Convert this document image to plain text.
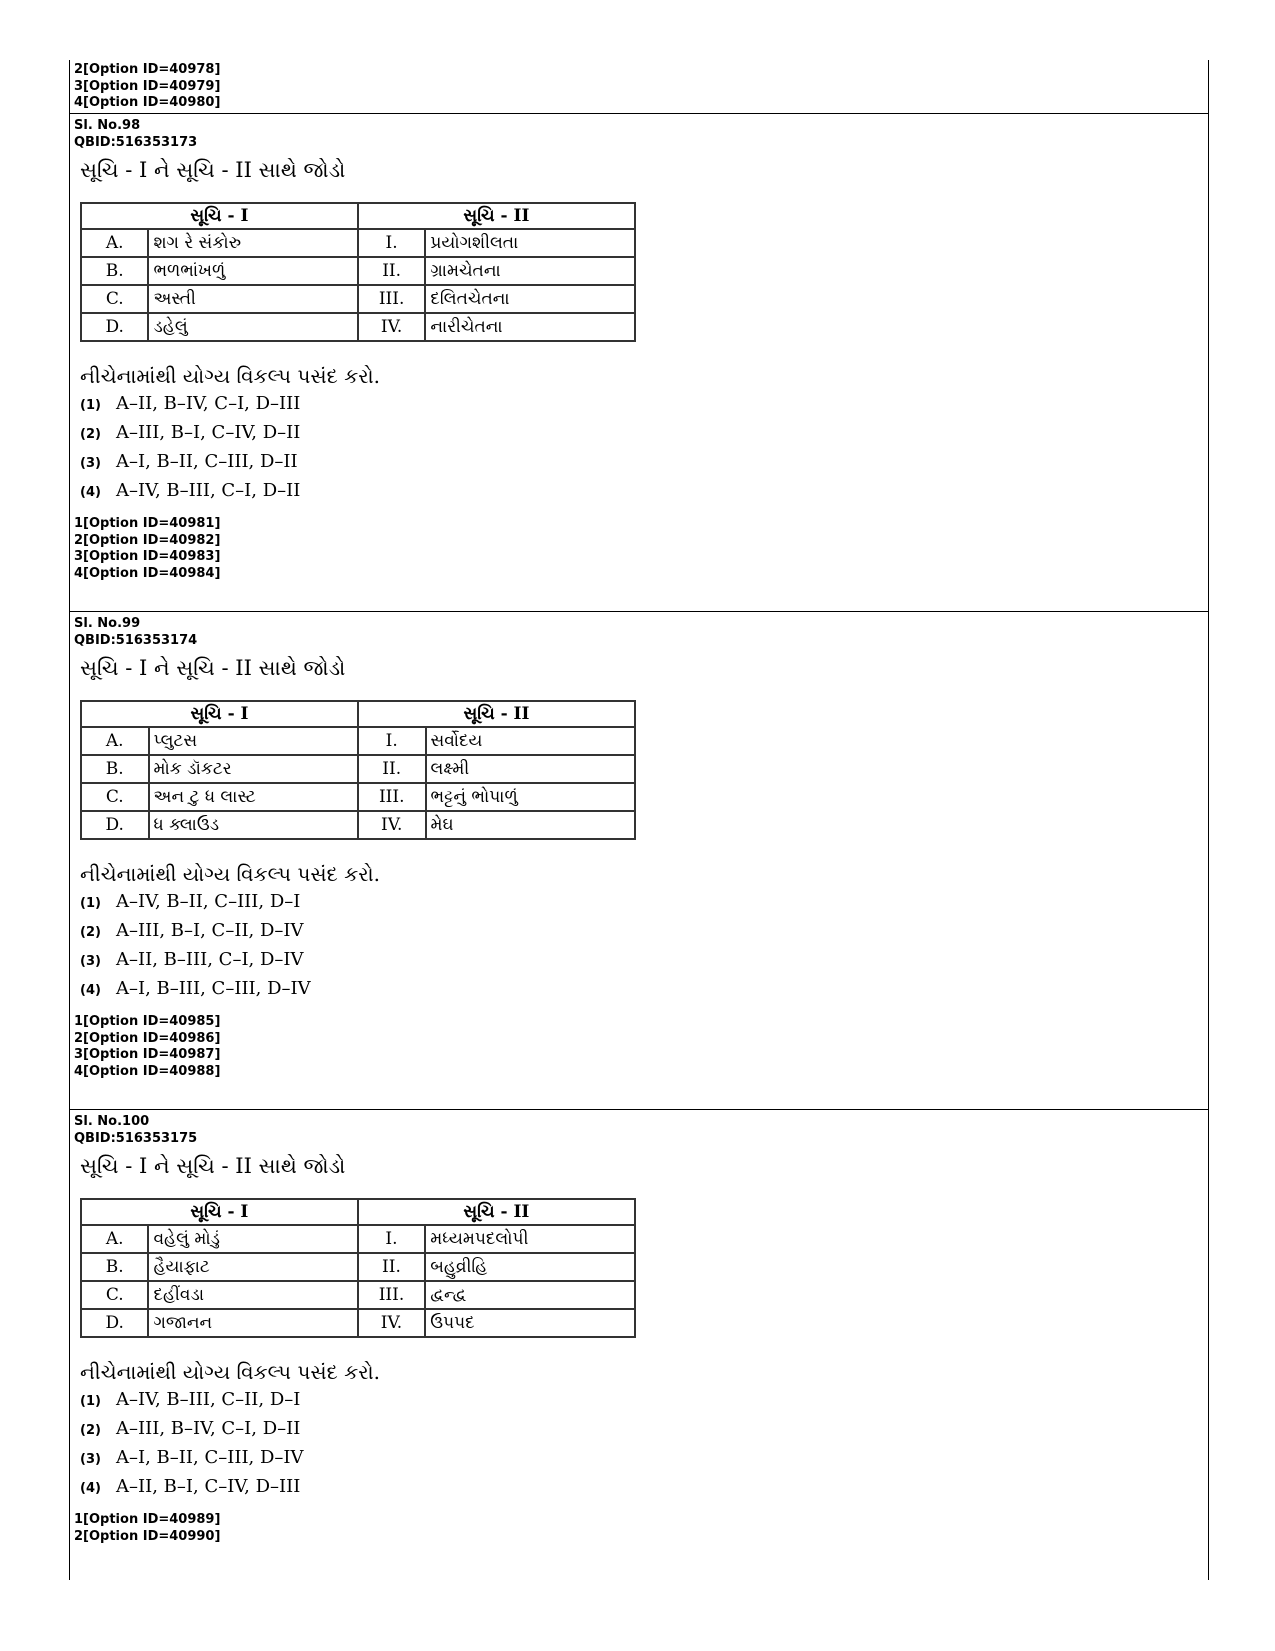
2[Option ID=40978]
3[Option ID=40979]
4[Option ID=40980]
Sl. No.98
QBID:516353173
સૂચિ - I ને સૂચિ - II સાથે જોડો
સૂચિ - I		સૂચિ - II	
A.	શગ રે સંકોરુ	I.	પ્રયોગશીલતા
B.	ભળભાંખળું	II.	ગ્રામચેતના
C.	અસ્તી	III.	દલિતચેતના
D.	ડહેલું	IV.	નારીચેતના
નીચેનામાંથી યોગ્ય વિકલ્પ પસંદ કરો.
(1) A–II, B–IV, C–I, D–III
(2) A–III, B–I, C–IV, D–II
(3) A–I, B–II, C–III, D–II
(4) A–IV, B–III, C–I, D–II
1[Option ID=40981]
2[Option ID=40982]
3[Option ID=40983]
4[Option ID=40984]
Sl. No.99
QBID:516353174
સૂચિ - I ને સૂચિ - II સાથે જોડો
સૂચિ - I		સૂચિ - II	
A.	પ્લુટસ	I.	સર્વોદય
B.	મોક ડૉકટર	II.	લક્ષ્મી
C.	અન ટુ ધ લાસ્ટ	III.	ભટ્ટનું ભોપાળું
D.	ધ ક્લાઉડ	IV.	મેઘ
નીચેનામાંથી યોગ્ય વિકલ્પ પસંદ કરો.
(1) A–IV, B–II, C–III, D–I
(2) A–III, B–I, C–II, D–IV
(3) A–II, B–III, C–I, D–IV
(4) A–I, B–III, C–III, D–IV
1[Option ID=40985]
2[Option ID=40986]
3[Option ID=40987]
4[Option ID=40988]
Sl. No.100
QBID:516353175
સૂચિ - I ને સૂચિ - II સાથે જોડો
સૂચિ - I		સૂચિ - II	
A.	વહેલું મોડું	I.	મધ્યમપદલોપી
B.	હૈયાફાટ	II.	બહુવ્રીહિ
C.	દહીંવડા	III.	દ્વન્દ્વ
D.	ગજાનન	IV.	ઉપપદ
નીચેનામાંથી યોગ્ય વિકલ્પ પસંદ કરો.
(1) A–IV, B–III, C–II, D–I
(2) A–III, B–IV, C–I, D–II
(3) A–I, B–II, C–III, D–IV
(4) A–II, B–I, C–IV, D–III
1[Option ID=40989]
2[Option ID=40990]
